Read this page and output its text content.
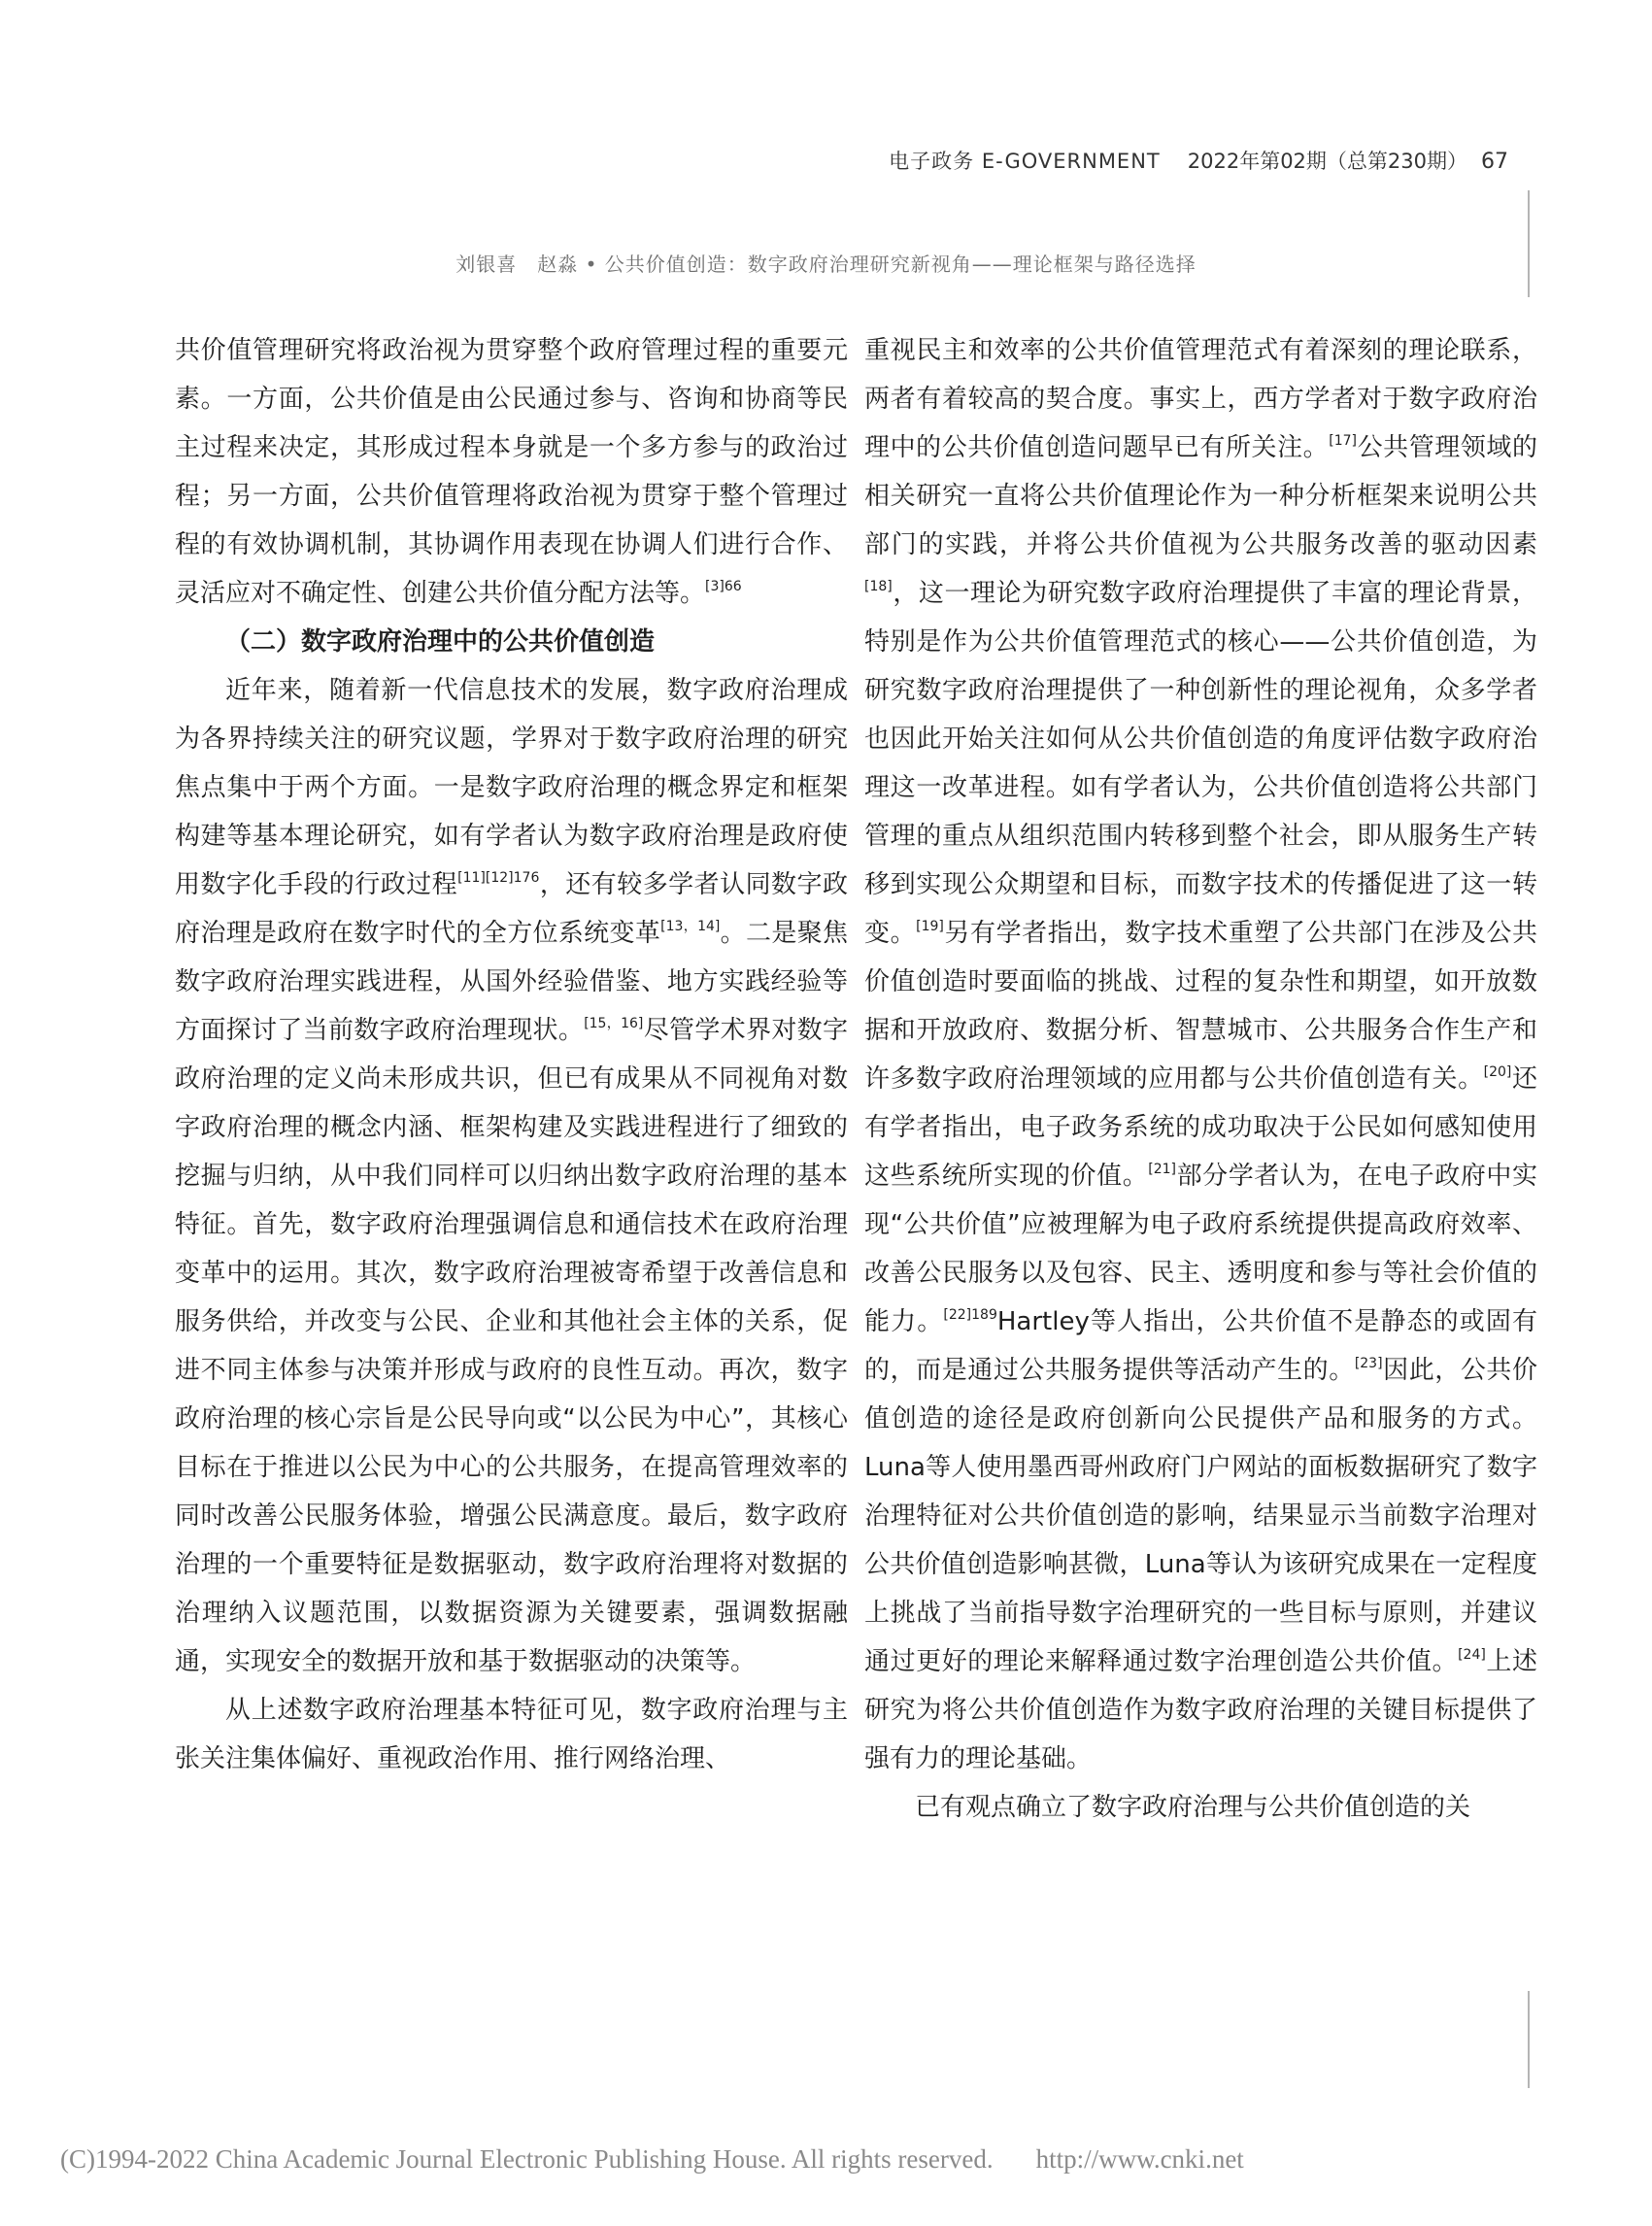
电子政务 E-GOVERNMENT 2022年第02期（总第230期） 67
刘银喜　赵淼 • 公共价值创造：数字政府治理研究新视角——理论框架与路径选择

共价值管理研究将政治视为贯穿整个政府管理过程的重要元素。一方面，公共价值是由公民通过参与、咨询和协商等民主过程来决定，其形成过程本身就是一个多方参与的政治过程；另一方面，公共价值管理将政治视为贯穿于整个管理过程的有效协调机制，其协调作用表现在协调人们进行合作、灵活应对不确定性、创建公共价值分配方法等。$^{[3]66}$

（二）数字政府治理中的公共价值创造

近年来，随着新一代信息技术的发展，数字政府治理成为各界持续关注的研究议题，学界对于数字政府治理的研究焦点集中于两个方面。一是数字政府治理的概念界定和框架构建等基本理论研究，如有学者认为数字政府治理是政府使用数字化手段的行政过程$^{[11][12]176}$，还有较多学者认同数字政府治理是政府在数字时代的全方位系统变革[13，14]。二是聚焦数字政府治理实践进程，从国外经验借鉴、地方实践经验等方面探讨了当前数字政府治理现状。[15，16]尽管学术界对数字政府治理的定义尚未形成共识，但已有成果从不同视角对数字政府治理的概念内涵、框架构建及实践进程进行了细致的挖掘与归纳，从中我们同样可以归纳出数字政府治理的基本特征。首先，数字政府治理强调信息和通信技术在政府治理变革中的运用。其次，数字政府治理被寄希望于改善信息和服务供给，并改变与公民、企业和其他社会主体的关系，促进不同主体参与决策并形成与政府的良性互动。再次，数字政府治理的核心宗旨是公民导向或“以公民为中心”，其核心目标在于推进以公民为中心的公共服务，在提高管理效率的同时改善公民服务体验，增强公民满意度。最后，数字政府治理的一个重要特征是数据驱动，数字政府治理将对数据的治理纳入议题范围，以数据资源为关键要素，强调数据融通，实现安全的数据开放和基于数据驱动的决策等。

从上述数字政府治理基本特征可见，数字政府治理与主张关注集体偏好、重视政治作用、推行网络治理、

重视民主和效率的公共价值管理范式有着深刻的理论联系，两者有着较高的契合度。事实上，西方学者对于数字政府治理中的公共价值创造问题早已有所关注。[17]公共管理领域的相关研究一直将公共价值理论作为一种分析框架来说明公共部门的实践，并将公共价值视为公共服务改善的驱动因素[18]，这一理论为研究数字政府治理提供了丰富的理论背景，特别是作为公共价值管理范式的核心——公共价值创造，为研究数字政府治理提供了一种创新性的理论视角，众多学者也因此开始关注如何从公共价值创造的角度评估数字政府治理这一改革进程。如有学者认为，公共价值创造将公共部门管理的重点从组织范围内转移到整个社会，即从服务生产转移到实现公众期望和目标，而数字技术的传播促进了这一转变。[19]另有学者指出，数字技术重塑了公共部门在涉及公共价值创造时要面临的挑战、过程的复杂性和期望，如开放数据和开放政府、数据分析、智慧城市、公共服务合作生产和许多数字政府治理领域的应用都与公共价值创造有关。[20]还有学者指出，电子政务系统的成功取决于公民如何感知使用这些系统所实现的价值。[21]部分学者认为，在电子政府中实现“公共价值”应被理解为电子政府系统提供提高政府效率、改善公民服务以及包容、民主、透明度和参与等社会价值的能力。$^{[22]189}$Hartley等人指出，公共价值不是静态的或固有的，而是通过公共服务提供等活动产生的。[23]因此，公共价值创造的途径是政府创新向公民提供产品和服务的方式。Luna等人使用墨西哥州政府门户网站的面板数据研究了数字治理特征对公共价值创造的影响，结果显示当前数字治理对公共价值创造影响甚微，Luna等认为该研究成果在一定程度上挑战了当前指导数字治理研究的一些目标与原则，并建议通过更好的理论来解释通过数字治理创造公共价值。[24]上述研究为将公共价值创造作为数字政府治理的关键目标提供了强有力的理论基础。

已有观点确立了数字政府治理与公共价值创造的关

(C)1994-2022 China Academic Journal Electronic Publishing House. All rights reserved. http://www.cnki.net
